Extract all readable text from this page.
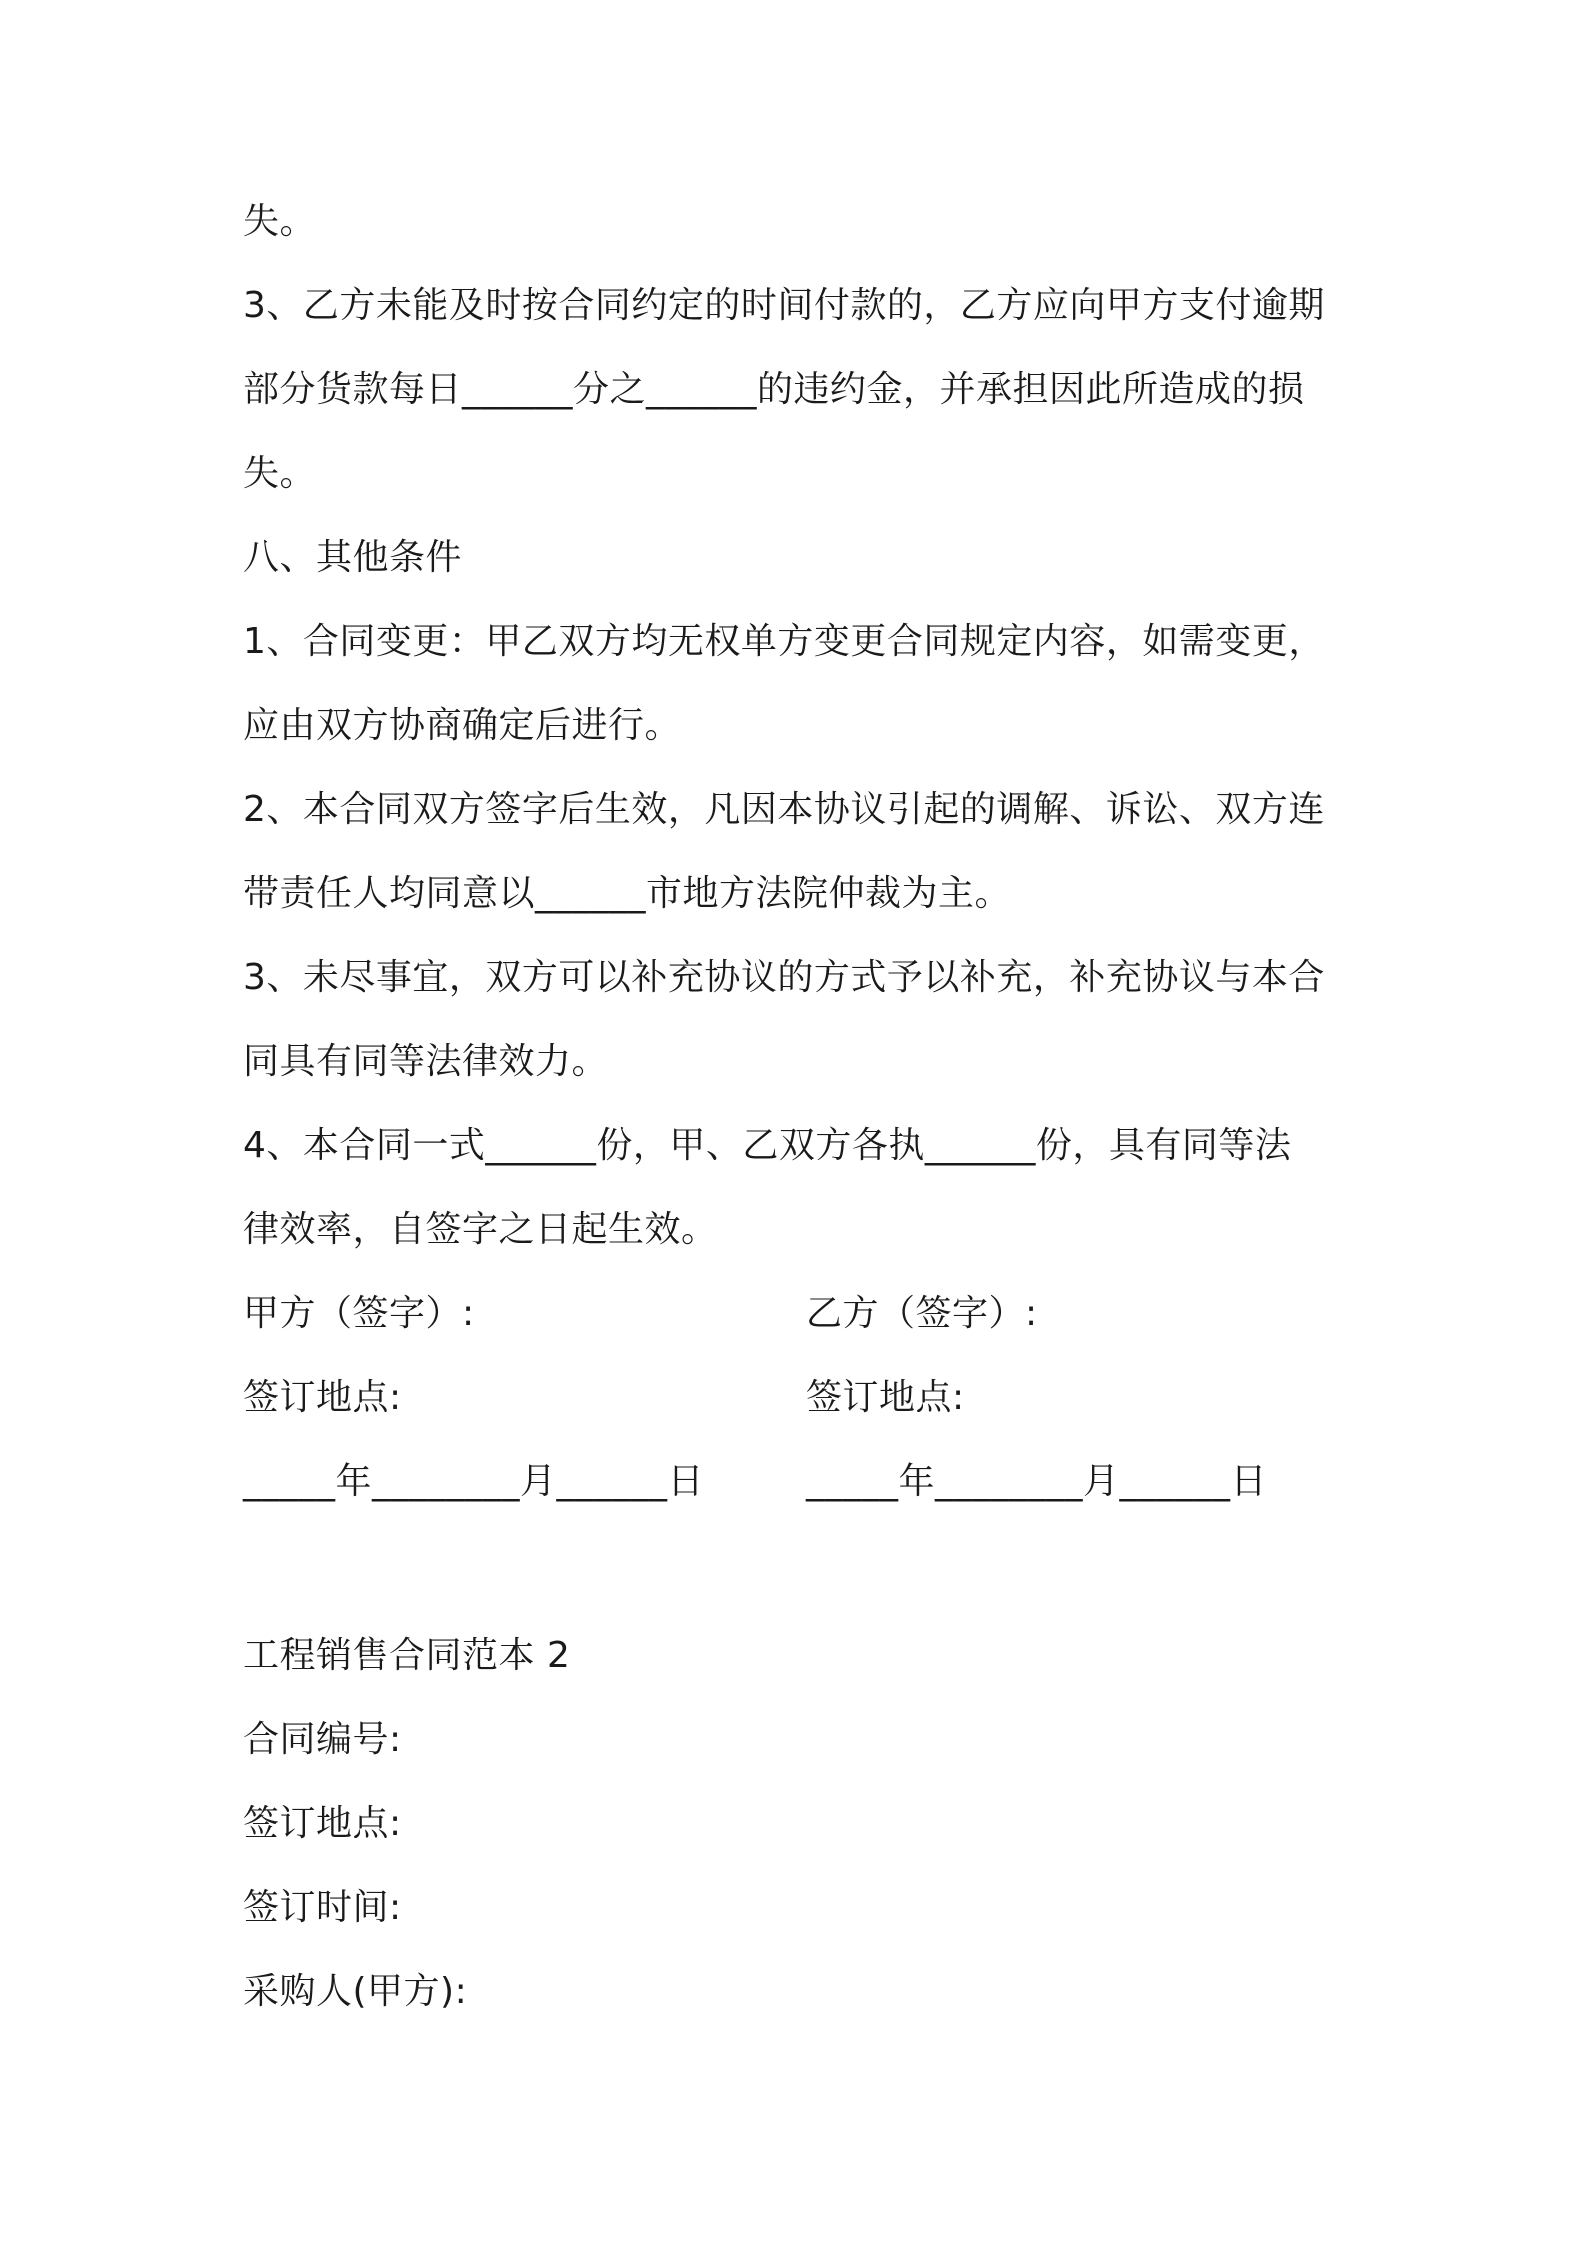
失。
3、乙方未能及时按合同约定的时间付款的，乙方应向甲方支付逾期
部分货款每日______分之______的违约金，并承担因此所造成的损
失。
八、其他条件
1、合同变更：甲乙双方均无权单方变更合同规定内容，如需变更，
应由双方协商确定后进行。
2、本合同双方签字后生效，凡因本协议引起的调解、诉讼、双方连
带责任人均同意以______市地方法院仲裁为主。
3、未尽事宜，双方可以补充协议的方式予以补充，补充协议与本合
同具有同等法律效力。
4、本合同一式______份，甲、乙双方各执______份，具有同等法
律效率，自签字之日起生效。
甲方（签字）:	乙方（签字）:
签订地点:	签订地点:
_____年________月______日	_____年________月______日
工程销售合同范本 2
合同编号:
签订地点:
签订时间:
采购人(甲方):
